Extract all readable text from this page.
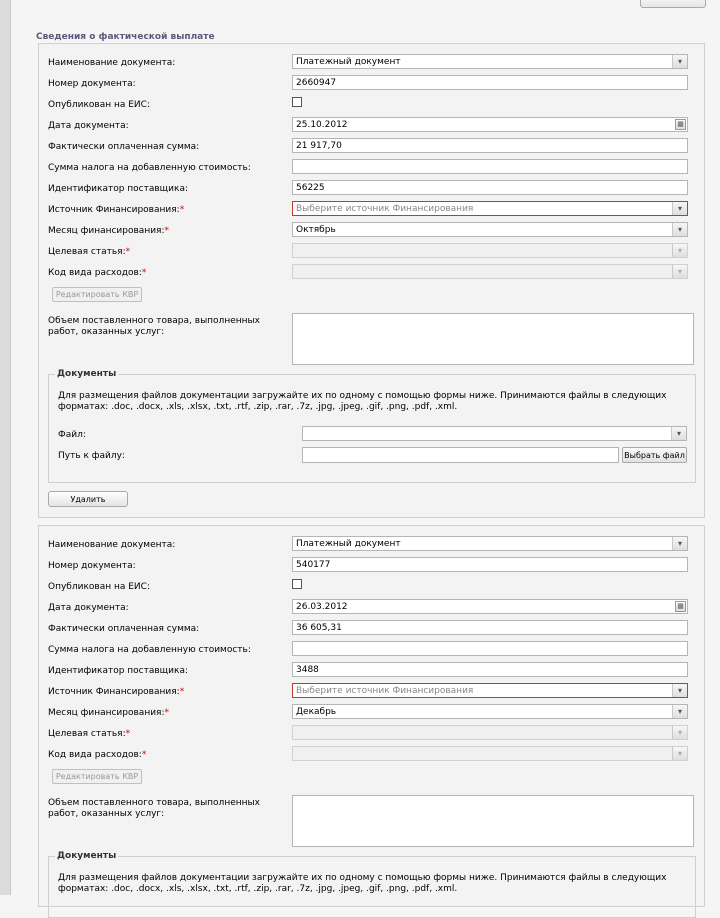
Сведения о фактической выплате
Наименование документа:	Платежный документ	▾
Номер документа:	2660947
Опубликован на ЕИС:
Дата документа:	25.10.2012	▦
Фактически оплаченная сумма:	21 917,70
Сумма налога на добавленную стоимость:
Идентификатор поставщика:	56225
Источник Финансирования:*	Выберите источник Финансирования	▾
Месяц финансирования:*	Октябрь	▾
Целевая статья:*	▾
Код вида расходов:*	▾
Редактировать КВР
Объем поставленного товара, выполненных работ, оказанных услуг:
Документы
Для размещения файлов документации загружайте их по одному с помощью формы ниже. Принимаются файлы в следующих форматах: .doc, .docx, .xls, .xlsx, .txt, .rtf, .zip, .rar, .7z, .jpg, .jpeg, .gif, .png, .pdf, .xml.
Файл:	▾
Путь к файлу:	Выбрать файл
Удалить
Наименование документа:	Платежный документ	▾
Номер документа:	540177
Опубликован на ЕИС:
Дата документа:	26.03.2012	▦
Фактически оплаченная сумма:	36 605,31
Сумма налога на добавленную стоимость:
Идентификатор поставщика:	3488
Источник Финансирования:*	Выберите источник Финансирования	▾
Месяц финансирования:*	Декабрь	▾
Целевая статья:*	▾
Код вида расходов:*	▾
Редактировать КВР
Объем поставленного товара, выполненных работ, оказанных услуг:
Документы
Для размещения файлов документации загружайте их по одному с помощью формы ниже. Принимаются файлы в следующих форматах: .doc, .docx, .xls, .xlsx, .txt, .rtf, .zip, .rar, .7z, .jpg, .jpeg, .gif, .png, .pdf, .xml.
